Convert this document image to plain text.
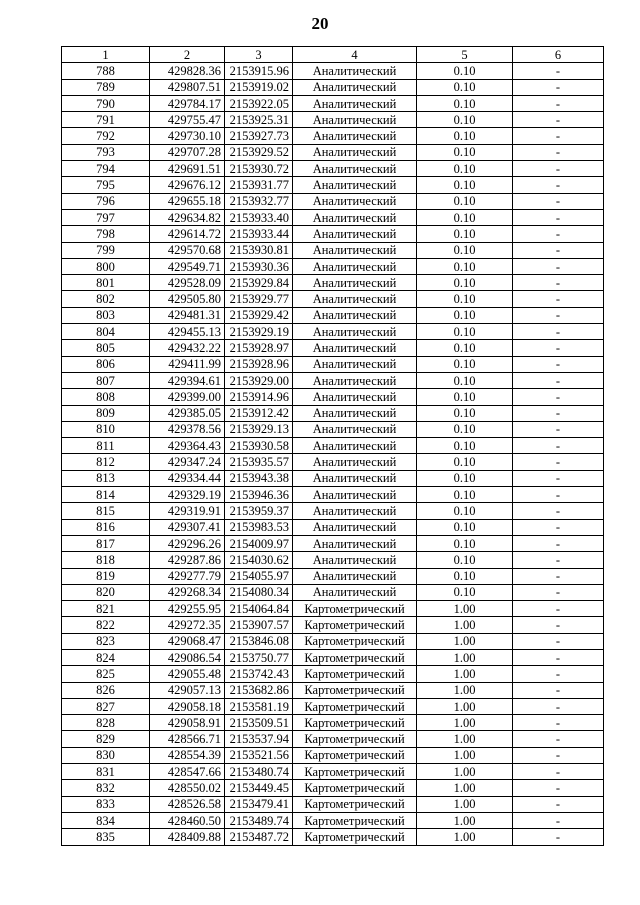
20
1	2	3	4	5	6
788	429828.36	2153915.96	Аналитический	0.10	-
789	429807.51	2153919.02	Аналитический	0.10	-
790	429784.17	2153922.05	Аналитический	0.10	-
791	429755.47	2153925.31	Аналитический	0.10	-
792	429730.10	2153927.73	Аналитический	0.10	-
793	429707.28	2153929.52	Аналитический	0.10	-
794	429691.51	2153930.72	Аналитический	0.10	-
795	429676.12	2153931.77	Аналитический	0.10	-
796	429655.18	2153932.77	Аналитический	0.10	-
797	429634.82	2153933.40	Аналитический	0.10	-
798	429614.72	2153933.44	Аналитический	0.10	-
799	429570.68	2153930.81	Аналитический	0.10	-
800	429549.71	2153930.36	Аналитический	0.10	-
801	429528.09	2153929.84	Аналитический	0.10	-
802	429505.80	2153929.77	Аналитический	0.10	-
803	429481.31	2153929.42	Аналитический	0.10	-
804	429455.13	2153929.19	Аналитический	0.10	-
805	429432.22	2153928.97	Аналитический	0.10	-
806	429411.99	2153928.96	Аналитический	0.10	-
807	429394.61	2153929.00	Аналитический	0.10	-
808	429399.00	2153914.96	Аналитический	0.10	-
809	429385.05	2153912.42	Аналитический	0.10	-
810	429378.56	2153929.13	Аналитический	0.10	-
811	429364.43	2153930.58	Аналитический	0.10	-
812	429347.24	2153935.57	Аналитический	0.10	-
813	429334.44	2153943.38	Аналитический	0.10	-
814	429329.19	2153946.36	Аналитический	0.10	-
815	429319.91	2153959.37	Аналитический	0.10	-
816	429307.41	2153983.53	Аналитический	0.10	-
817	429296.26	2154009.97	Аналитический	0.10	-
818	429287.86	2154030.62	Аналитический	0.10	-
819	429277.79	2154055.97	Аналитический	0.10	-
820	429268.34	2154080.34	Аналитический	0.10	-
821	429255.95	2154064.84	Картометрический	1.00	-
822	429272.35	2153907.57	Картометрический	1.00	-
823	429068.47	2153846.08	Картометрический	1.00	-
824	429086.54	2153750.77	Картометрический	1.00	-
825	429055.48	2153742.43	Картометрический	1.00	-
826	429057.13	2153682.86	Картометрический	1.00	-
827	429058.18	2153581.19	Картометрический	1.00	-
828	429058.91	2153509.51	Картометрический	1.00	-
829	428566.71	2153537.94	Картометрический	1.00	-
830	428554.39	2153521.56	Картометрический	1.00	-
831	428547.66	2153480.74	Картометрический	1.00	-
832	428550.02	2153449.45	Картометрический	1.00	-
833	428526.58	2153479.41	Картометрический	1.00	-
834	428460.50	2153489.74	Картометрический	1.00	-
835	428409.88	2153487.72	Картометрический	1.00	-
